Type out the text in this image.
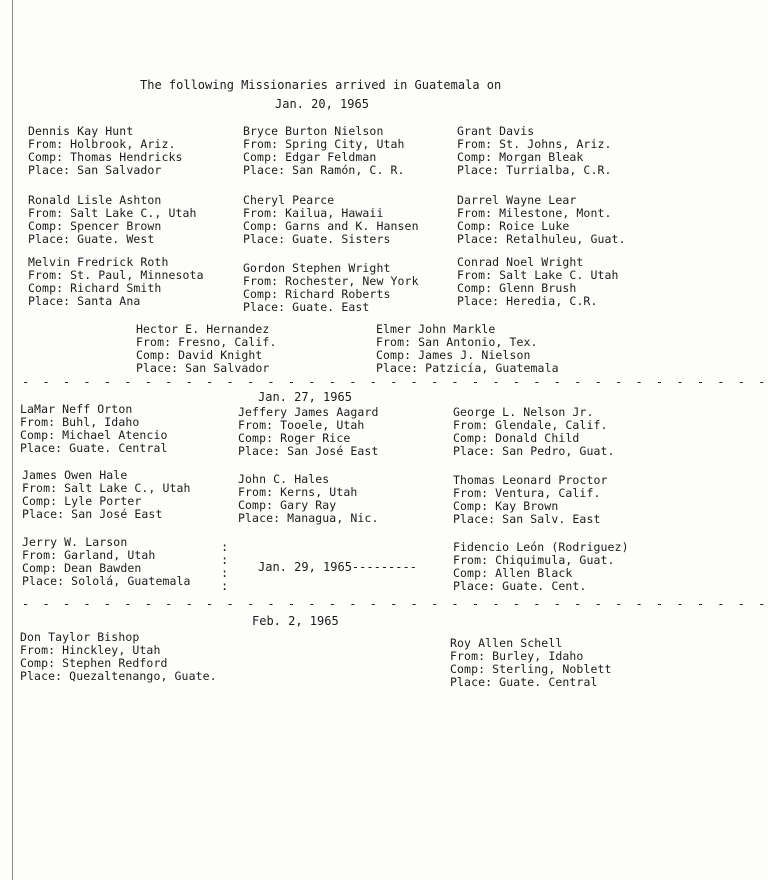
The following Missionaries arrived in Guatemala on
Jan. 20, 1965
Dennis Kay Hunt
From: Holbrook, Ariz.
Comp: Thomas Hendricks
Place: San Salvador
Bryce Burton Nielson
From: Spring City, Utah
Comp: Edgar Feldman
Place: San Ramón, C. R.
Grant Davis
From: St. Johns, Ariz.
Comp: Morgan Bleak
Place: Turrialba, C.R.
Ronald Lisle Ashton
From: Salt Lake C., Utah
Comp: Spencer Brown
Place: Guate. West
Cheryl Pearce
From: Kailua, Hawaii
Comp: Garns and K. Hansen
Place: Guate. Sisters
Darrel Wayne Lear
From: Milestone, Mont.
Comp: Roice Luke
Place: Retalhuleu, Guat.
Melvin Fredrick Roth
From: St. Paul, Minnesota
Comp: Richard Smith
Place: Santa Ana
Gordon Stephen Wright
From: Rochester, New York
Comp: Richard Roberts
Place: Guate. East
Conrad Noel Wright
From: Salt Lake C. Utah
Comp: Glenn Brush
Place: Heredia, C.R.
Hector E. Hernandez
From: Fresno, Calif.
Comp: David Knight
Place: San Salvador
Elmer John Markle
From: San Antonio, Tex.
Comp: James J. Nielson
Place: Patzicía, Guatemala
LaMar Neff Orton
From: Buhl, Idaho
Comp: Michael Atencio
Place: Guate. Central
Jeffery James Aagard
From: Tooele, Utah
Comp: Roger Rice
Place: San José East
George L. Nelson Jr.
From: Glendale, Calif.
Comp: Donald Child
Place: San Pedro, Guat.
James Owen Hale
From: Salt Lake C., Utah
Comp: Lyle Porter
Place: San José East
John C. Hales
From: Kerns, Utah
Comp: Gary Ray
Place: Managua, Nic.
Thomas Leonard Proctor
From: Ventura, Calif.
Comp: Kay Brown
Place: San Salv. East
Jerry W. Larson
From: Garland, Utah
Comp: Dean Bawden
Place: Sololá, Guatemala
Fidencio León (Rodriguez)
From: Chiquimula, Guat.
Comp: Allen Black
Place: Guate. Cent.
Don Taylor Bishop
From: Hinckley, Utah
Comp: Stephen Redford
Place: Quezaltenango, Guate.
Roy Allen Schell
From: Burley, Idaho
Comp: Sterling, Noblett
Place: Guate. Central
- - - - - - - - - - - - - - - - - - - - - - - - - - - - - - - - - - - - -
Jan. 27, 1965
:
:
:
:
Jan. 29, 1965---------
- - - - - - - - - - - - - - - - - - - - - - - - - - - - - - - - - - - - -
Feb. 2, 1965
